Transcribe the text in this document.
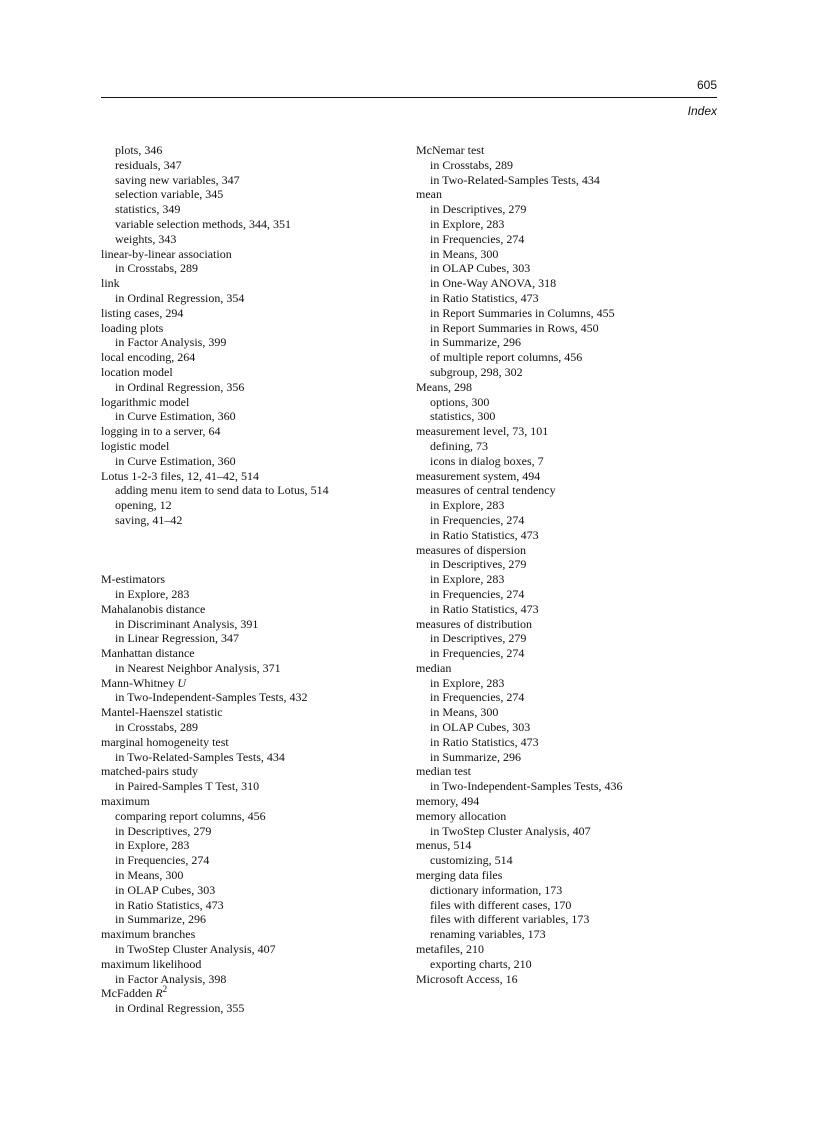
605
Index
plots, 346
residuals, 347
saving new variables, 347
selection variable, 345
statistics, 349
variable selection methods, 344, 351
weights, 343
linear-by-linear association
in Crosstabs, 289
link
in Ordinal Regression, 354
listing cases, 294
loading plots
in Factor Analysis, 399
local encoding, 264
location model
in Ordinal Regression, 356
logarithmic model
in Curve Estimation, 360
logging in to a server, 64
logistic model
in Curve Estimation, 360
Lotus 1-2-3 files, 12, 41–42, 514
adding menu item to send data to Lotus, 514
opening, 12
saving, 41–42
M-estimators
in Explore, 283
Mahalanobis distance
in Discriminant Analysis, 391
in Linear Regression, 347
Manhattan distance
in Nearest Neighbor Analysis, 371
Mann-Whitney U
in Two-Independent-Samples Tests, 432
Mantel-Haenszel statistic
in Crosstabs, 289
marginal homogeneity test
in Two-Related-Samples Tests, 434
matched-pairs study
in Paired-Samples T Test, 310
maximum
comparing report columns, 456
in Descriptives, 279
in Explore, 283
in Frequencies, 274
in Means, 300
in OLAP Cubes, 303
in Ratio Statistics, 473
in Summarize, 296
maximum branches
in TwoStep Cluster Analysis, 407
maximum likelihood
in Factor Analysis, 398
McFadden $R^2$
in Ordinal Regression, 355
McNemar test
in Crosstabs, 289
in Two-Related-Samples Tests, 434
mean
in Descriptives, 279
in Explore, 283
in Frequencies, 274
in Means, 300
in OLAP Cubes, 303
in One-Way ANOVA, 318
in Ratio Statistics, 473
in Report Summaries in Columns, 455
in Report Summaries in Rows, 450
in Summarize, 296
of multiple report columns, 456
subgroup, 298, 302
Means, 298
options, 300
statistics, 300
measurement level, 73, 101
defining, 73
icons in dialog boxes, 7
measurement system, 494
measures of central tendency
in Explore, 283
in Frequencies, 274
in Ratio Statistics, 473
measures of dispersion
in Descriptives, 279
in Explore, 283
in Frequencies, 274
in Ratio Statistics, 473
measures of distribution
in Descriptives, 279
in Frequencies, 274
median
in Explore, 283
in Frequencies, 274
in Means, 300
in OLAP Cubes, 303
in Ratio Statistics, 473
in Summarize, 296
median test
in Two-Independent-Samples Tests, 436
memory, 494
memory allocation
in TwoStep Cluster Analysis, 407
menus, 514
customizing, 514
merging data files
dictionary information, 173
files with different cases, 170
files with different variables, 173
renaming variables, 173
metafiles, 210
exporting charts, 210
Microsoft Access, 16
